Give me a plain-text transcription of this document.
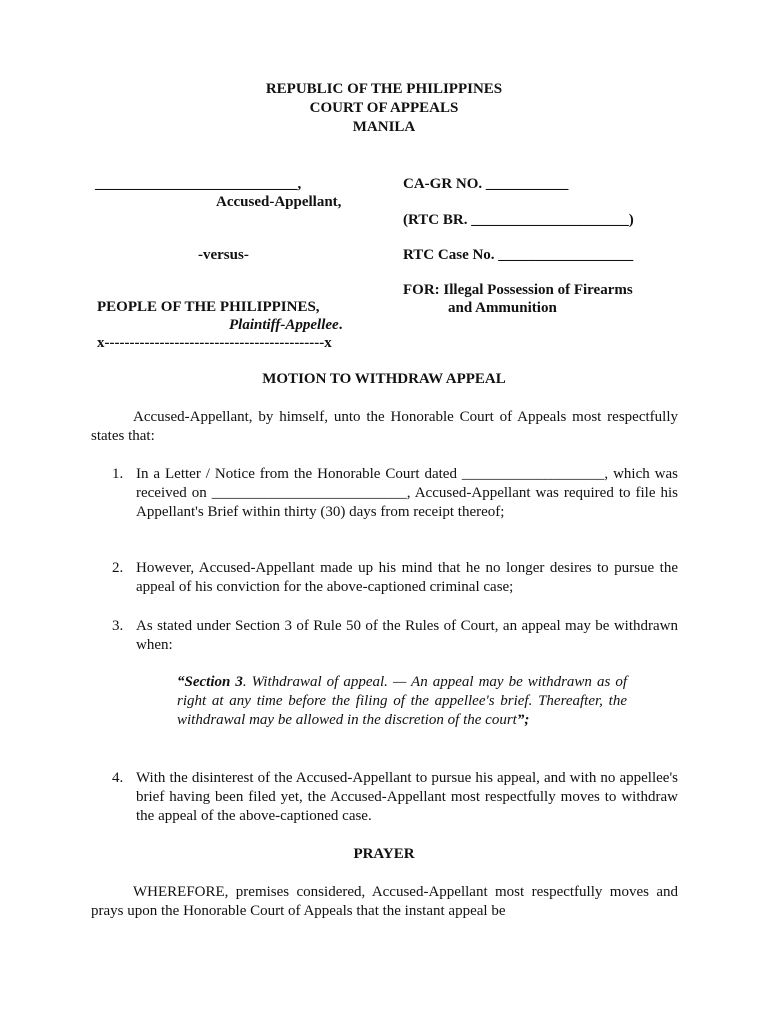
REPUBLIC OF THE PHILIPPINES
COURT OF APPEALS
MANILA
___________________________,
Accused-Appellant,
-versus-
PEOPLE OF THE PHILIPPINES,
Plaintiff-Appellee.
x--------------------------------------------x
CA-GR NO. ___________
(RTC BR. _____________________)
RTC Case No. __________________
FOR: Illegal Possession of Firearms
and Ammunition
MOTION TO WITHDRAW APPEAL
Accused-Appellant, by himself, unto the Honorable Court of Appeals most respectfully states that:
1. In a Letter / Notice from the Honorable Court dated ___________________, which was received on __________________________, Accused-Appellant was required to file his Appellant's Brief within thirty (30) days from receipt thereof;
2. However, Accused-Appellant made up his mind that he no longer desires to pursue the appeal of his conviction for the above-captioned criminal case;
3. As stated under Section 3 of Rule 50 of the Rules of Court, an appeal may be withdrawn when:
“Section 3. Withdrawal of appeal. — An appeal may be withdrawn as of right at any time before the filing of the appellee's brief. Thereafter, the withdrawal may be allowed in the discretion of the court”;
4. With the disinterest of the Accused-Appellant to pursue his appeal, and with no appellee's brief having been filed yet, the Accused-Appellant most respectfully moves to withdraw the appeal of the above-captioned case.
PRAYER
WHEREFORE, premises considered, Accused-Appellant most respectfully moves and prays upon the Honorable Court of Appeals that the instant appeal be
